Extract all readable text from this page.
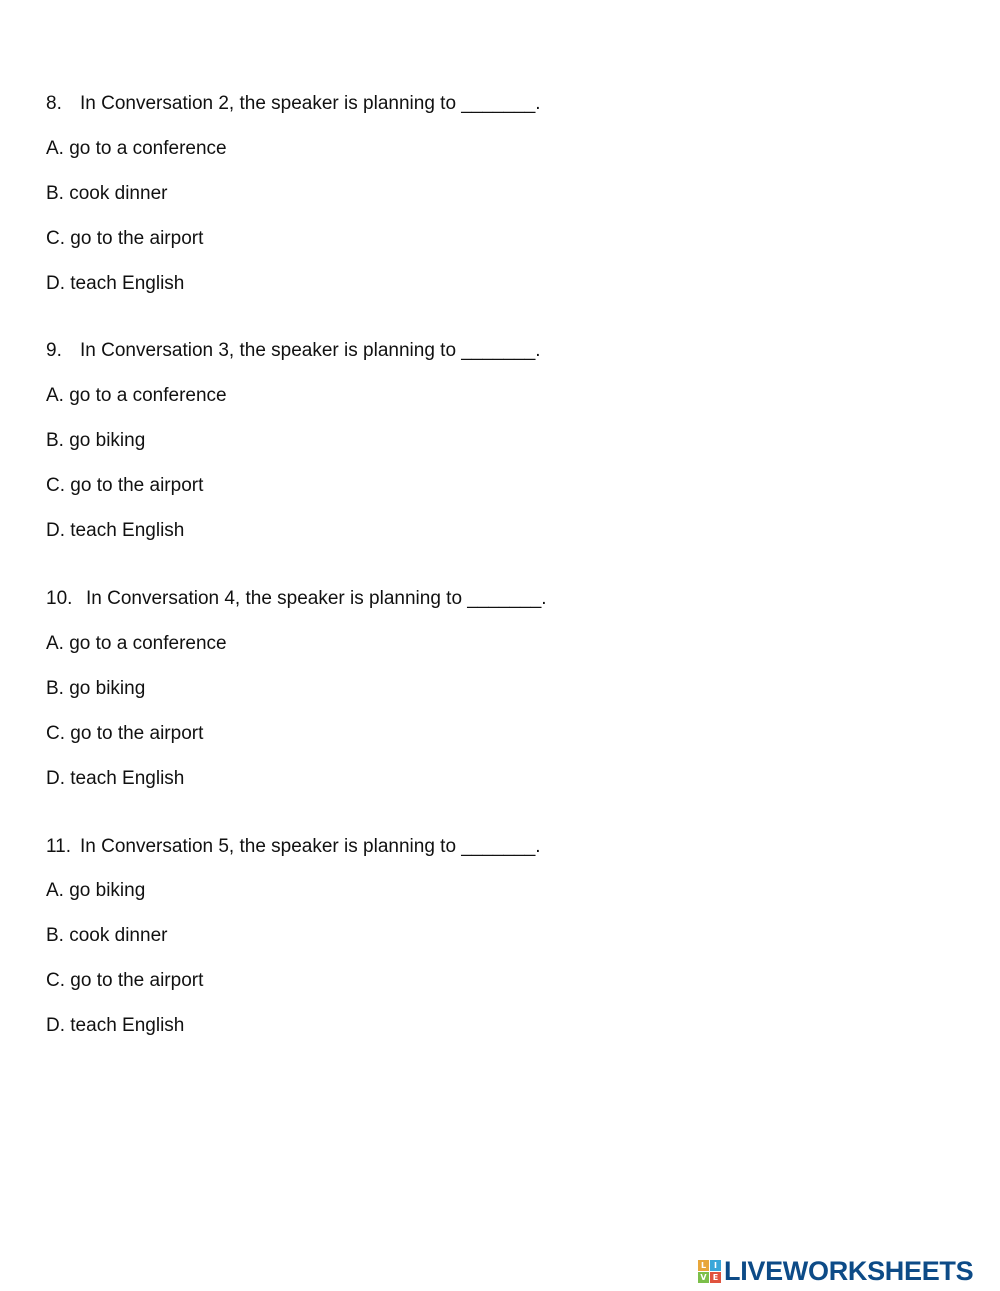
8. In Conversation 2, the speaker is planning to _______.
A. go to a conference
B. cook dinner
C. go to the airport
D. teach English
9. In Conversation 3, the speaker is planning to _______.
A. go to a conference
B. go biking
C. go to the airport
D. teach English
10. In Conversation 4, the speaker is planning to _______.
A. go to a conference
B. go biking
C. go to the airport
D. teach English
11. In Conversation 5, the speaker is planning to _______.
A. go biking
B. cook dinner
C. go to the airport
D. teach English
L I
V E LIVEWORKSHEETS
